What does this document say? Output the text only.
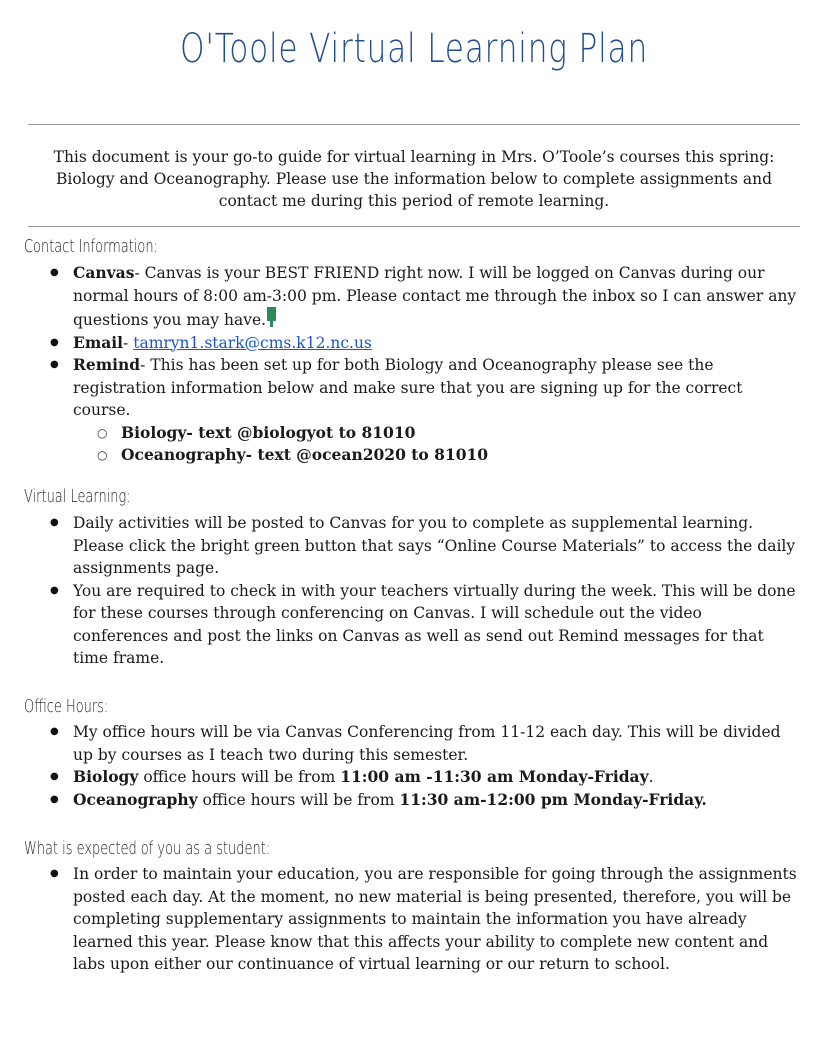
O'Toole Virtual Learning Plan
This document is your go-to guide for virtual learning in Mrs. O’Toole’s courses this spring: Biology and Oceanography. Please use the information below to complete assignments and contact me during this period of remote learning.
Contact Information:
● Canvas- Canvas is your BEST FRIEND right now. I will be logged on Canvas during our normal hours of 8:00 am-3:00 pm. Please contact me through the inbox so I can answer any questions you may have.
● Email- tamryn1.stark@cms.k12.nc.us
● Remind- This has been set up for both Biology and Oceanography please see the registration information below and make sure that you are signing up for the correct course.
○ Biology- text @biologyot to 81010
○ Oceanography- text @ocean2020 to 81010
Virtual Learning:
● Daily activities will be posted to Canvas for you to complete as supplemental learning. Please click the bright green button that says “Online Course Materials” to access the daily assignments page.
● You are required to check in with your teachers virtually during the week. This will be done for these courses through conferencing on Canvas. I will schedule out the video conferences and post the links on Canvas as well as send out Remind messages for that time frame.
Office Hours:
● My office hours will be via Canvas Conferencing from 11-12 each day. This will be divided up by courses as I teach two during this semester.
● Biology office hours will be from 11:00 am -11:30 am Monday-Friday.
● Oceanography office hours will be from 11:30 am-12:00 pm Monday-Friday.
What is expected of you as a student:
● In order to maintain your education, you are responsible for going through the assignments posted each day. At the moment, no new material is being presented, therefore, you will be completing supplementary assignments to maintain the information you have already learned this year. Please know that this affects your ability to complete new content and labs upon either our continuance of virtual learning or our return to school.
